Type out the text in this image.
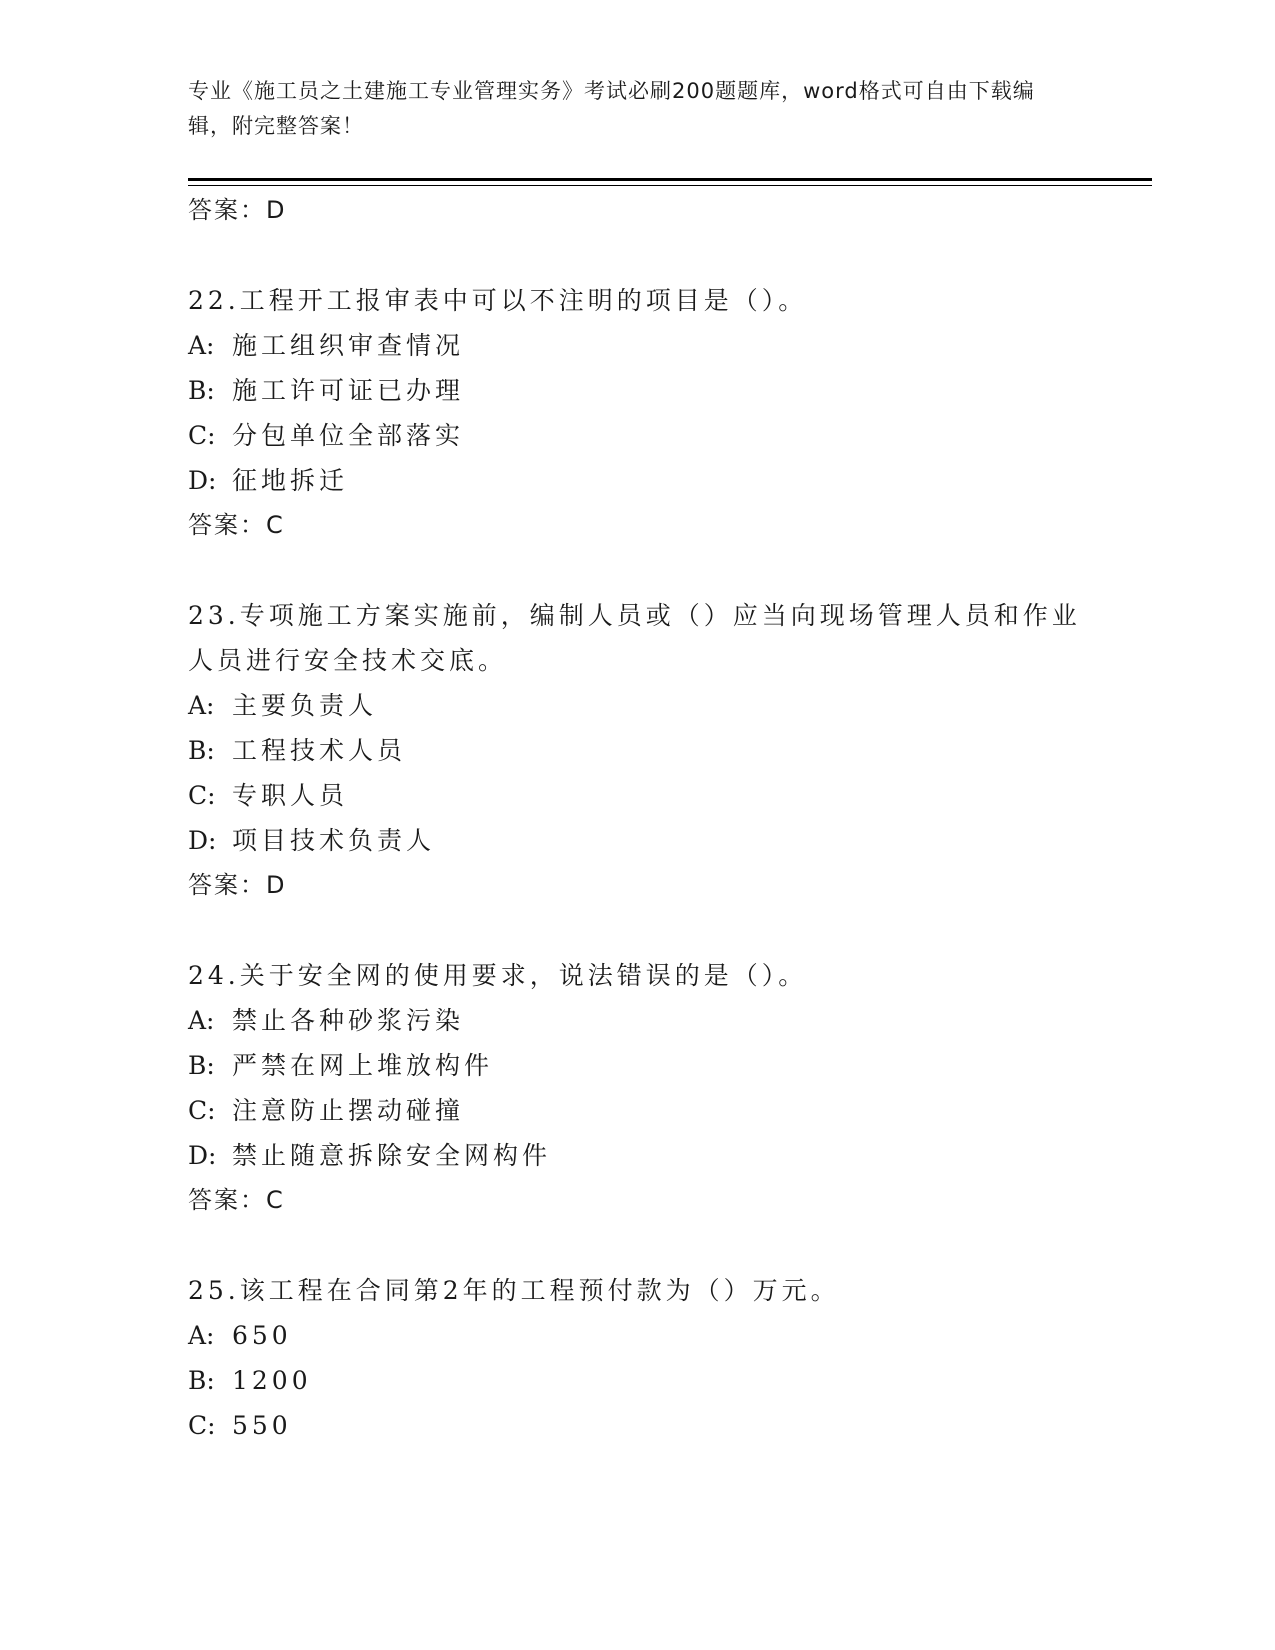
专业《施工员之土建施工专业管理实务》考试必刷200题题库，word格式可自由下载编辑，附完整答案！
答案：D
22.工程开工报审表中可以不注明的项目是（）。
A: 施工组织审查情况
B: 施工许可证已办理
C: 分包单位全部落实
D: 征地拆迁
答案：C
23.专项施工方案实施前，编制人员或（）应当向现场管理人员和作业人员进行安全技术交底。
A: 主要负责人
B: 工程技术人员
C: 专职人员
D: 项目技术负责人
答案：D
24.关于安全网的使用要求，说法错误的是（）。
A: 禁止各种砂浆污染
B: 严禁在网上堆放构件
C: 注意防止摆动碰撞
D: 禁止随意拆除安全网构件
答案：C
25.该工程在合同第2年的工程预付款为（）万元。
A: 650
B: 1200
C: 550
